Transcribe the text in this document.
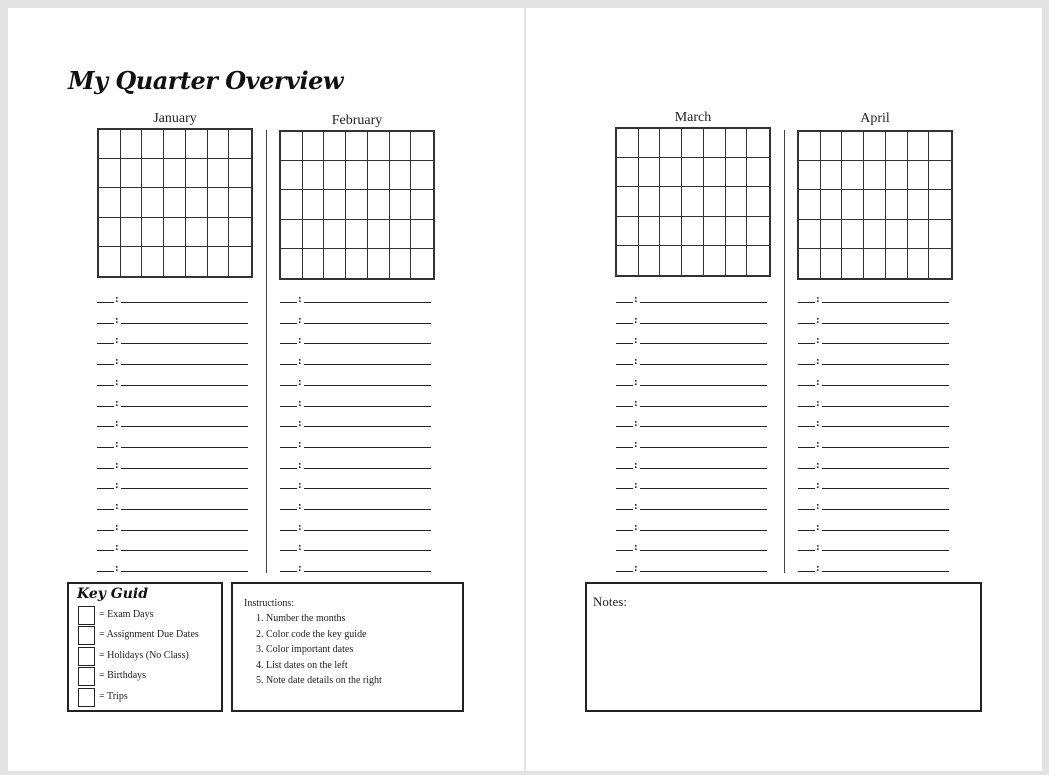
My Quarter Overview
January
:
:
:
:
:
:
:
:
:
:
:
:
:
:
February
:
:
:
:
:
:
:
:
:
:
:
:
:
:
March
:
:
:
:
:
:
:
:
:
:
:
:
:
:
April
:
:
:
:
:
:
:
:
:
:
:
:
:
:
Key Guid
= Exam Days
= Assignment Due Dates
= Holidays (No Class)
= Birthdays
= Trips
Instructions:
1. Number the months
2. Color code the key guide
3. Color important dates
4. List dates on the left
5. Note date details on the right
Notes:
